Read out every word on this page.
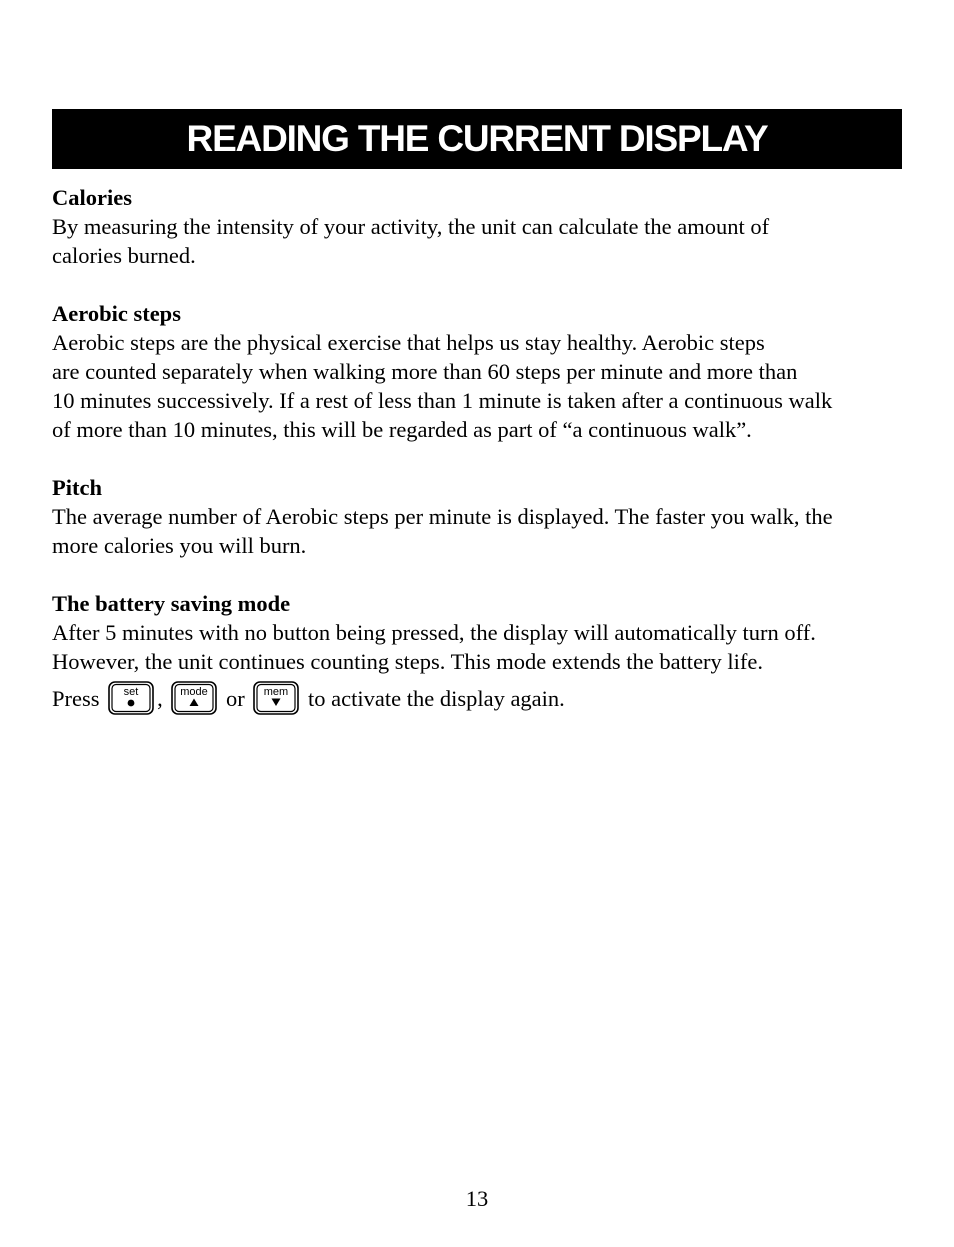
READING THE CURRENT DISPLAY
Calories

By measuring the intensity of your activity, the unit can calculate the amount of

calories burned.

Aerobic steps

Aerobic steps are the physical exercise that helps us stay healthy. Aerobic steps

are counted separately when walking more than 60 steps per minute and more than

10 minutes successively. If a rest of less than 1 minute is taken after a continuous walk

of more than 10 minutes, this will be regarded as part of “a continuous walk”.

Pitch

The average number of Aerobic steps per minute is displayed. The faster you walk, the

more calories you will burn.

The battery saving mode

After 5 minutes with no button being pressed, the display will automatically turn off.

However, the unit continues counting steps. This mode extends the battery life.

Press set , mode or mem to activate the display again.
13
